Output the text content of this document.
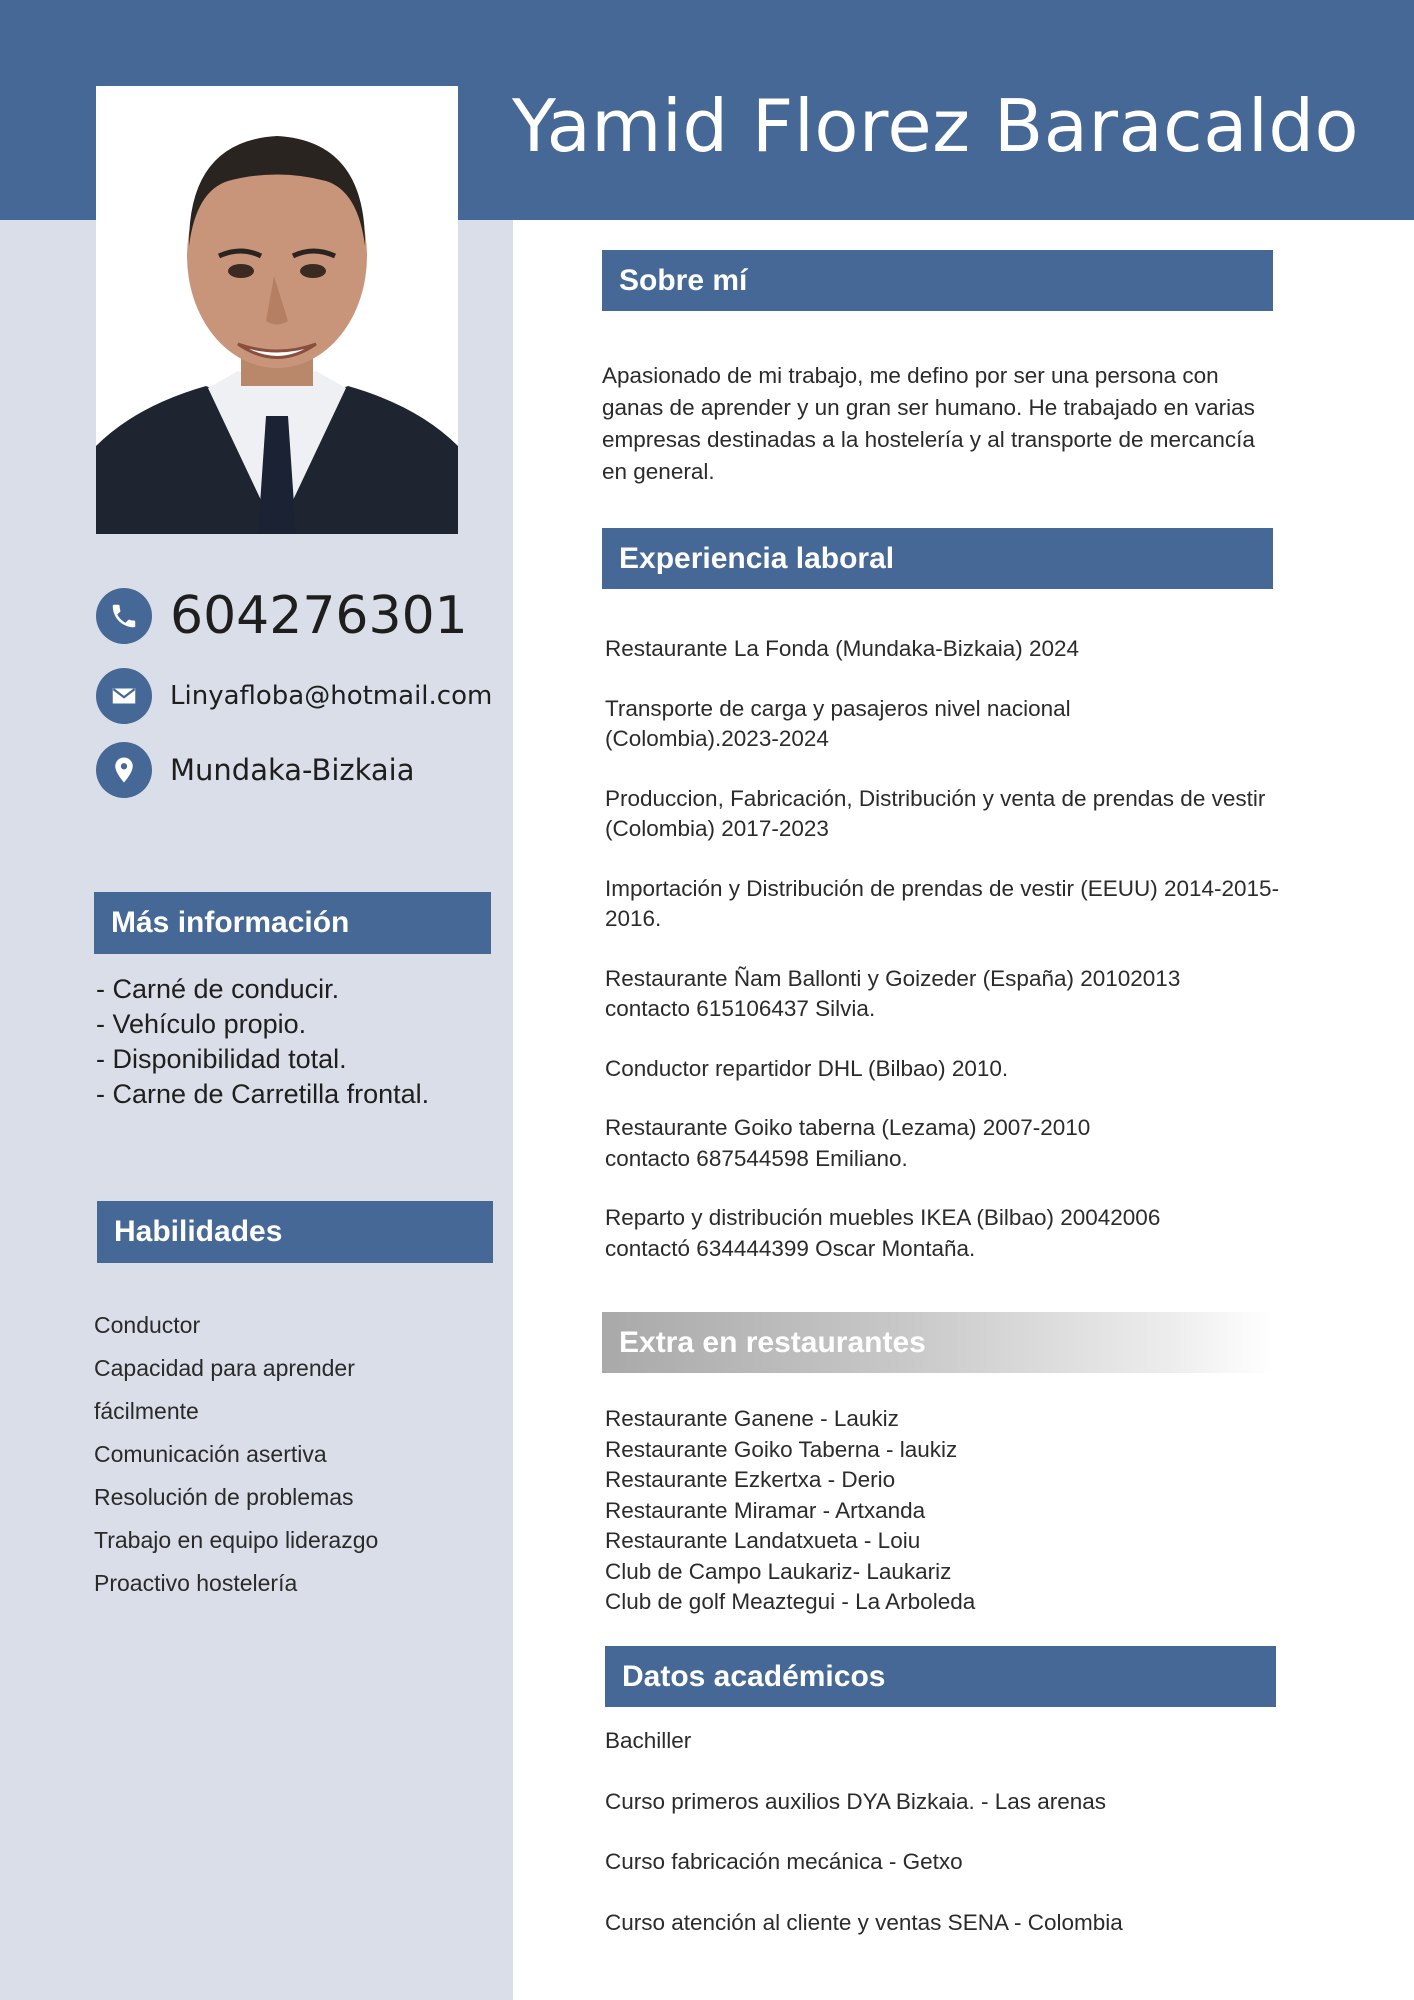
Yamid Florez Baracaldo
604276301
Linyafloba@hotmail.com
Mundaka-Bizkaia
Más información
- Carné de conducir.
- Vehículo propio.
- Disponibilidad total.
- Carne de Carretilla frontal.
Habilidades
Conductor
Capacidad para aprender fácilmente
Comunicación asertiva
Resolución de problemas
Trabajo en equipo liderazgo
Proactivo hostelería
Sobre mí

Apasionado de mi trabajo, me defino por ser una persona con ganas de aprender y un gran ser humano. He trabajado en varias empresas destinadas a la hostelería y al transporte de mercancía en general.

Experiencia laboral
Restaurante La Fonda (Mundaka-Bizkaia) 2024
Transporte de carga y pasajeros nivel nacional
(Colombia).2023-2024
Produccion, Fabricación, Distribución y venta de prendas de vestir (Colombia) 2017-2023
Importación y Distribución de prendas de vestir (EEUU) 2014-2015-2016.
Restaurante Ñam Ballonti y Goizeder (España) 20102013
contacto 615106437 Silvia.
Conductor repartidor DHL (Bilbao) 2010.
Restaurante Goiko taberna (Lezama) 2007-2010
contacto 687544598 Emiliano.
Reparto y distribución muebles IKEA (Bilbao) 20042006
contactó 634444399 Oscar Montaña.
Extra en restaurantes
Restaurante Ganene - Laukiz
Restaurante Goiko Taberna - laukiz
Restaurante Ezkertxa - Derio
Restaurante Miramar - Artxanda
Restaurante Landatxueta - Loiu
Club de Campo Laukariz- Laukariz
Club de golf Meaztegui - La Arboleda
Datos académicos
Bachiller
Curso primeros auxilios DYA Bizkaia. - Las arenas
Curso fabricación mecánica - Getxo
Curso atención al cliente y ventas SENA - Colombia
